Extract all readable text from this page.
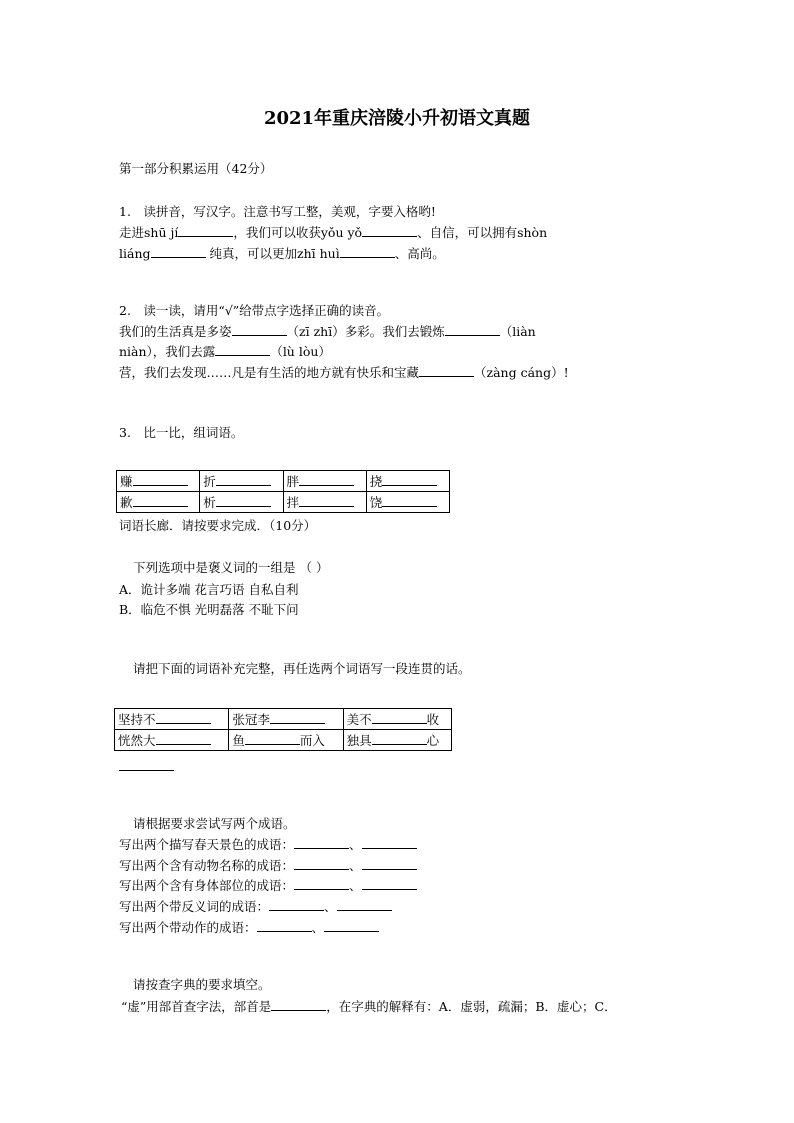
2021年重庆涪陵小升初语文真题
第一部分积累运用（42分）
1.　读拼音，写汉字。注意书写工整，美观，字要入格哟!
走进shū jí	，我们可以收获yǒu yǒ	、自信，可以拥有shòn
liáng	纯真，可以更加zhī huì	、高尚。
2.　读一读，请用“√”给带点字选择正确的读音。
我们的生活真是多姿	（zī zhī）多彩。我们去锻炼	（liàn
niàn），我们去露	（lù lòu）
营，我们去发现……凡是有生活的地方就有快乐和宝藏	（zàng cáng）!
3.　比一比，组词语。
赚	折	胖	挠
歉	析	拌	饶
词语长廊．请按要求完成．（10分）
下列选项中是褒义词的一组是 （ ）
A．诡计多端 花言巧语 自私自利
B．临危不惧 光明磊落 不耻下问
请把下面的词语补充完整，再任选两个词语写一段连贯的话。
坚持不	张冠李	美不 收
恍然大	鱼 而入	独具 心
请根据要求尝试写两个成语。
写出两个描写春天景色的成语：	、
写出两个含有动物名称的成语：	、
写出两个含有身体部位的成语：	、
写出两个带反义词的成语：	、
写出两个带动作的成语：	、
请按查字典的要求填空。
“虚”用部首查字法，部首是	，在字典的解释有：A．虚弱，疏漏；B．虚心；C．
